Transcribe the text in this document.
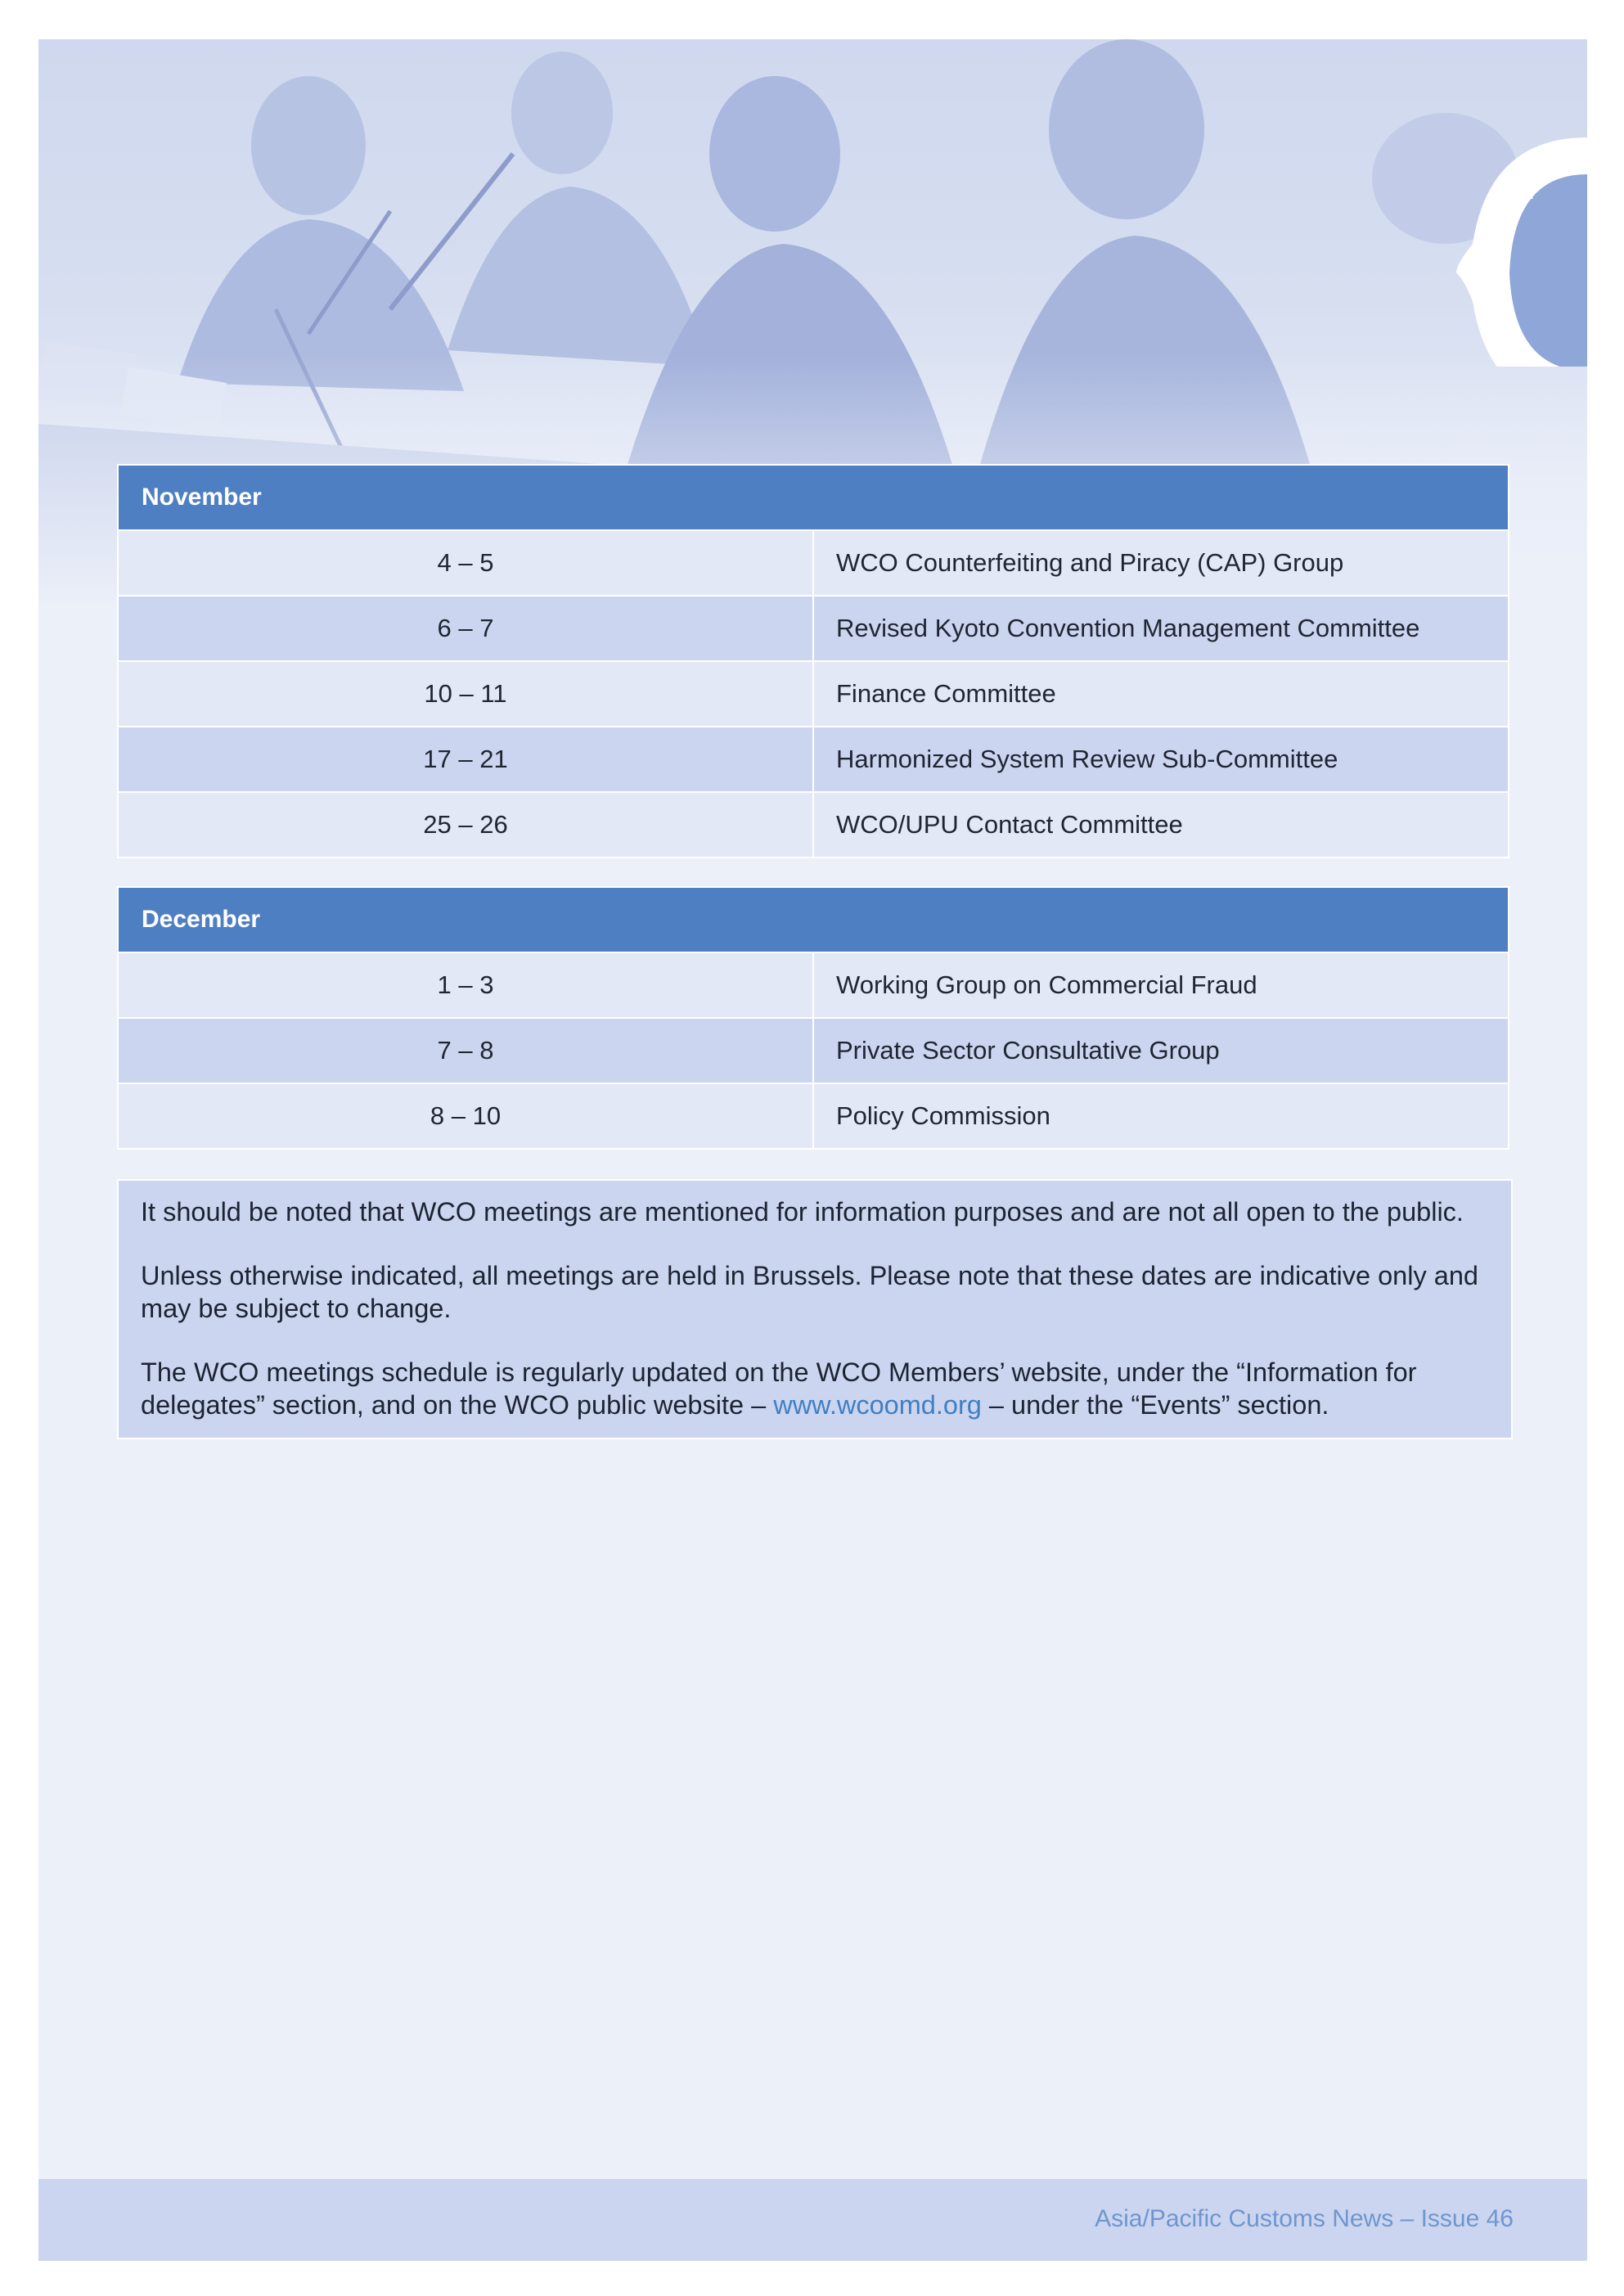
27
November	
4 – 5	WCO Counterfeiting and Piracy (CAP) Group
6 – 7	Revised Kyoto Convention Management Committee
10 – 11	Finance Committee
17 – 21	Harmonized System Review Sub-Committee
25 – 26	WCO/UPU Contact Committee
December	
1 – 3	Working Group on Commercial Fraud
7 – 8	Private Sector Consultative Group
8 – 10	Policy Commission

It should be noted that WCO meetings are mentioned for information purposes and are not all open to the public.

Unless otherwise indicated, all meetings are held in Brussels. Please note that these dates are indicative only and may be subject to change.

The WCO meetings schedule is regularly updated on the WCO Members’ website, under the “Information for delegates” section, and on the WCO public website – www.wcoomd.org – under the “Events” section.

Asia/Pacific Customs News – Issue 46
